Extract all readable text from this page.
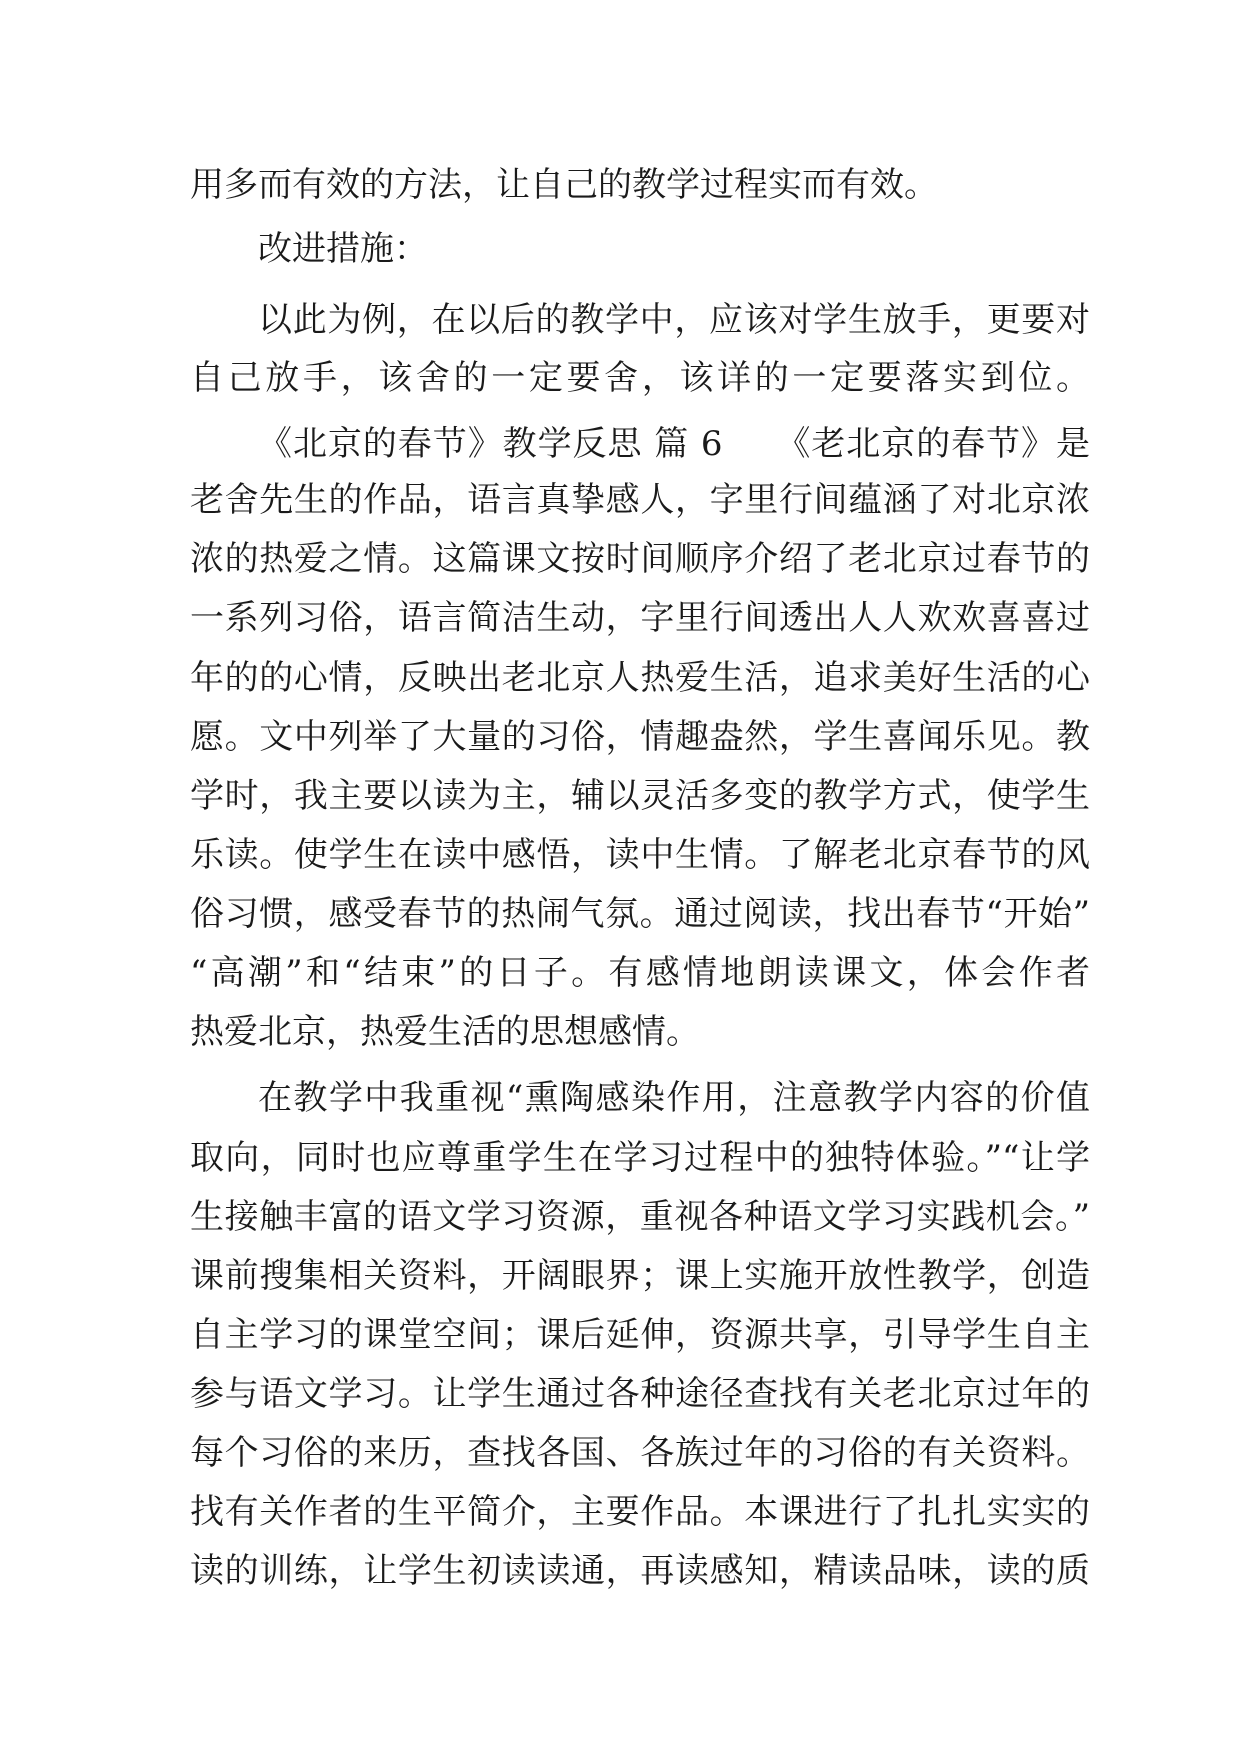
用多而有效的方法，让自己的教学过程实而有效。
改进措施：
以此为例，在以后的教学中，应该对学生放手，更要对
自己放手，该舍的一定要舍，该详的一定要落实到位。
《北京的春节》教学反思 篇 6　　《老北京的春节》是
老舍先生的作品，语言真挚感人，字里行间蕴涵了对北京浓
浓的热爱之情。这篇课文按时间顺序介绍了老北京过春节的
一系列习俗，语言简洁生动，字里行间透出人人欢欢喜喜过
年的的心情，反映出老北京人热爱生活，追求美好生活的心
愿。文中列举了大量的习俗，情趣盎然，学生喜闻乐见。教
学时，我主要以读为主，辅以灵活多变的教学方式，使学生
乐读。使学生在读中感悟，读中生情。了解老北京春节的风
俗习惯，感受春节的热闹气氛。通过阅读，找出春节“开始”
“高潮”和“结束”的日子。有感情地朗读课文，体会作者
热爱北京，热爱生活的思想感情。
在教学中我重视“熏陶感染作用，注意教学内容的价值
取向，同时也应尊重学生在学习过程中的独特体验。”“让学
生接触丰富的语文学习资源，重视各种语文学习实践机会。”
课前搜集相关资料，开阔眼界；课上实施开放性教学，创造
自主学习的课堂空间；课后延伸，资源共享，引导学生自主
参与语文学习。让学生通过各种途径查找有关老北京过年的
每个习俗的来历，查找各国、各族过年的习俗的有关资料。
找有关作者的生平简介，主要作品。本课进行了扎扎实实的
读的训练，让学生初读读通，再读感知，精读品味，读的质
